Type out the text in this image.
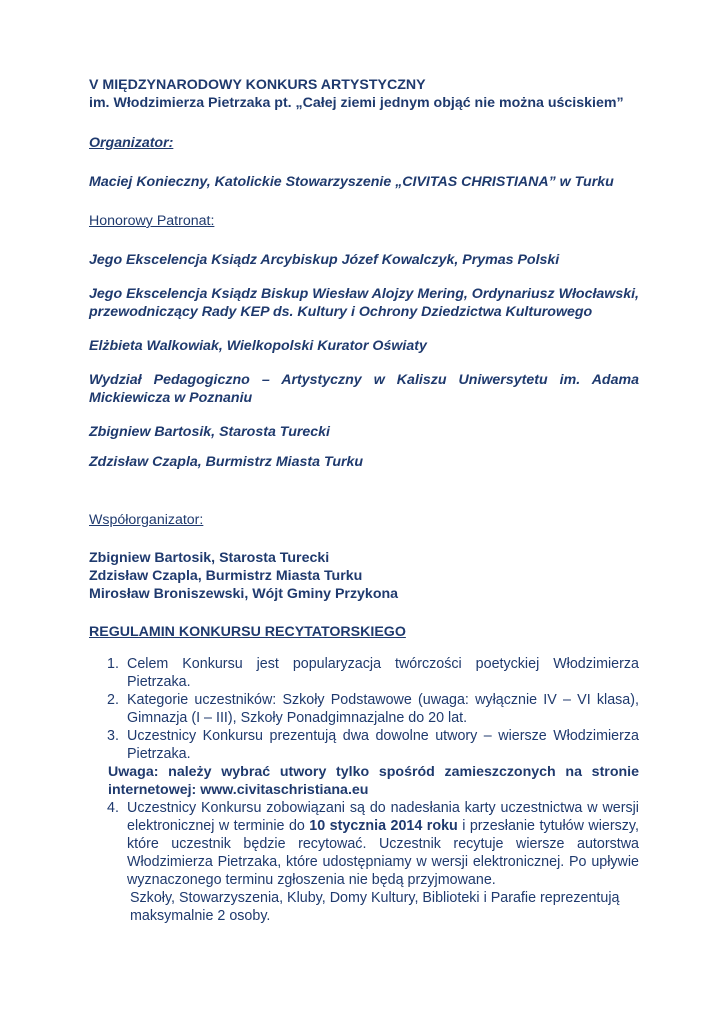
V MIĘDZYNARODOWY KONKURS ARTYSTYCZNY

im. Włodzimierza Pietrzaka pt. „Całej ziemi jednym objąć nie można uściskiem”

Organizator:

Maciej Konieczny, Katolickie Stowarzyszenie „CIVITAS CHRISTIANA” w Turku

Honorowy Patronat:

Jego Ekscelencja Ksiądz Arcybiskup Józef Kowalczyk, Prymas Polski

Jego Ekscelencja Ksiądz Biskup Wiesław Alojzy Mering, Ordynariusz Włocławski, przewodniczący Rady KEP ds. Kultury i Ochrony Dziedzictwa Kulturowego

Elżbieta Walkowiak, Wielkopolski Kurator Oświaty

Wydział Pedagogiczno – Artystyczny w Kaliszu Uniwersytetu im. Adama Mickiewicza w Poznaniu

Zbigniew Bartosik, Starosta Turecki

Zdzisław Czapla, Burmistrz Miasta Turku

Współorganizator:

Zbigniew Bartosik, Starosta Turecki

Zdzisław Czapla, Burmistrz Miasta Turku

Mirosław Broniszewski, Wójt Gminy Przykona

REGULAMIN KONKURSU RECYTATORSKIEGO

1. Celem Konkursu jest popularyzacja twórczości poetyckiej Włodzimierza Pietrzaka.
2. Kategorie uczestników: Szkoły Podstawowe (uwaga: wyłącznie IV – VI klasa), Gimnazja (I – III), Szkoły Ponadgimnazjalne do 20 lat.
3. Uczestnicy Konkursu prezentują dwa dowolne utwory – wiersze Włodzimierza Pietrzaka.

Uwaga: należy wybrać utwory tylko spośród zamieszczonych na stronie internetowej: www.civitaschristiana.eu

4. Uczestnicy Konkursu zobowiązani są do nadesłania karty uczestnictwa w wersji elektronicznej w terminie do 10 stycznia 2014 roku i przesłanie tytułów wierszy, które uczestnik będzie recytować. Uczestnik recytuje wiersze autorstwa Włodzimierza Pietrzaka, które udostępniamy w wersji elektronicznej. Po upływie wyznaczonego terminu zgłoszenia nie będą przyjmowane.

Szkoły, Stowarzyszenia, Kluby, Domy Kultury, Biblioteki i Parafie reprezentują maksymalnie 2 osoby.
